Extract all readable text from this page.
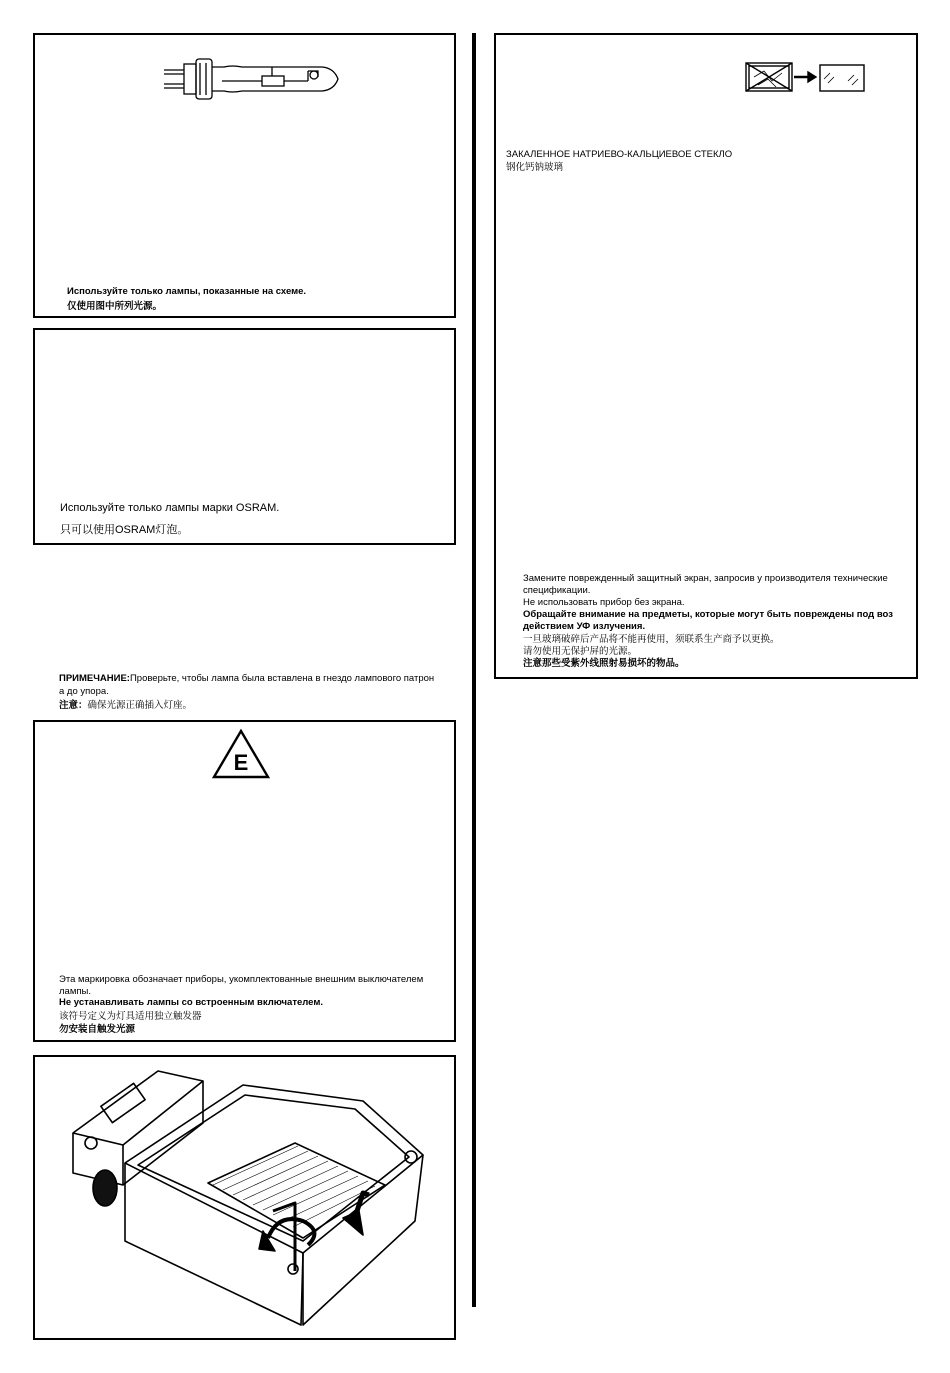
Используйте только лампы, показанные на схеме.
仅使用图中所列光源。
Используйте только лампы марки OSRAM.
只可以使用OSRAM灯泡。
ПРИМЕЧАНИЕ:Проверьте, чтобы лампа была вставлена в гнездо лампового патрон
а до упора.
注意：确保光源正确插入灯座。
E
Эта маркировка обозначает приборы, укомплектованные внешним выключателем
лампы.
Не устанавливать лампы со встроенным включателем.
该符号定义为灯具适用独立触发器
勿安装自触发光源
ЗАКАЛЕННОЕ НАТРИЕВО-КАЛЬЦИЕВОЕ СТЕКЛО
钢化钙钠玻璃
Замените поврежденный защитный экран, запросив у производителя технические
спецификации.
Не использовать прибор без экрана.
Обращайте внимание на предметы, которые могут быть повреждены под воз
действием УФ излучения.
一旦玻璃破碎后产品将不能再使用，须联系生产商予以更换。
请勿使用无保护屏的光源。
注意那些受紫外线照射易损坏的物品。
